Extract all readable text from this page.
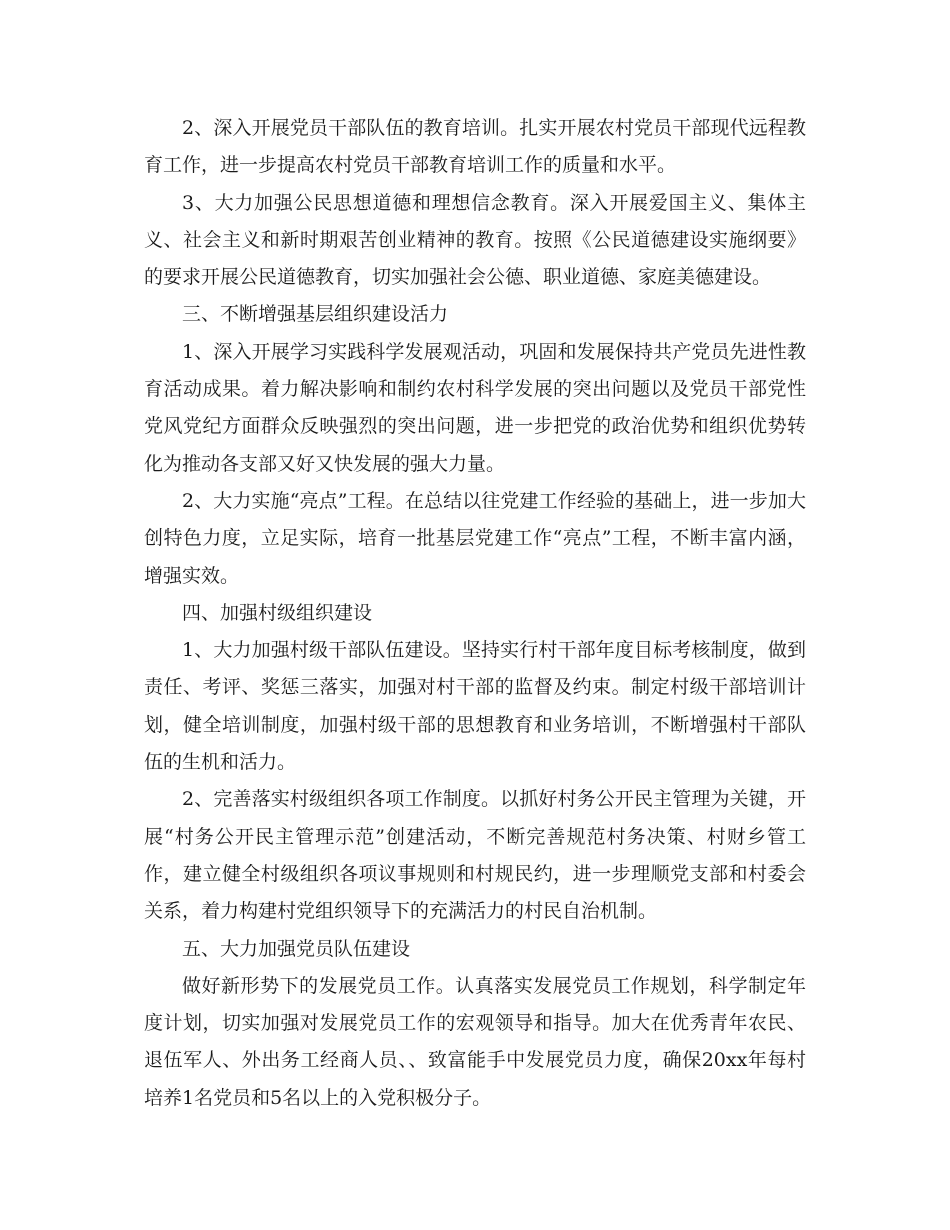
2、深入开展党员干部队伍的教育培训。扎实开展农村党员干部现代远程教育工作，进一步提高农村党员干部教育培训工作的质量和水平。

3、大力加强公民思想道德和理想信念教育。深入开展爱国主义、集体主义、社会主义和新时期艰苦创业精神的教育。按照《公民道德建设实施纲要》的要求开展公民道德教育，切实加强社会公德、职业道德、家庭美德建设。

三、不断增强基层组织建设活力

1、深入开展学习实践科学发展观活动，巩固和发展保持共产党员先进性教育活动成果。着力解决影响和制约农村科学发展的突出问题以及党员干部党性党风党纪方面群众反映强烈的突出问题，进一步把党的政治优势和组织优势转化为推动各支部又好又快发展的强大力量。

2、大力实施“亮点”工程。在总结以往党建工作经验的基础上，进一步加大创特色力度，立足实际，培育一批基层党建工作“亮点”工程，不断丰富内涵，增强实效。

四、加强村级组织建设

1、大力加强村级干部队伍建设。坚持实行村干部年度目标考核制度，做到责任、考评、奖惩三落实，加强对村干部的监督及约束。制定村级干部培训计划，健全培训制度，加强村级干部的思想教育和业务培训，不断增强村干部队伍的生机和活力。

2、完善落实村级组织各项工作制度。以抓好村务公开民主管理为关键，开展“村务公开民主管理示范”创建活动，不断完善规范村务决策、村财乡管工作，建立健全村级组织各项议事规则和村规民约，进一步理顺党支部和村委会关系，着力构建村党组织领导下的充满活力的村民自治机制。

五、大力加强党员队伍建设

做好新形势下的发展党员工作。认真落实发展党员工作规划，科学制定年度计划，切实加强对发展党员工作的宏观领导和指导。加大在优秀青年农民、退伍军人、外出务工经商人员、、致富能手中发展党员力度，确保20xx年每村培养1名党员和5名以上的入党积极分子。
